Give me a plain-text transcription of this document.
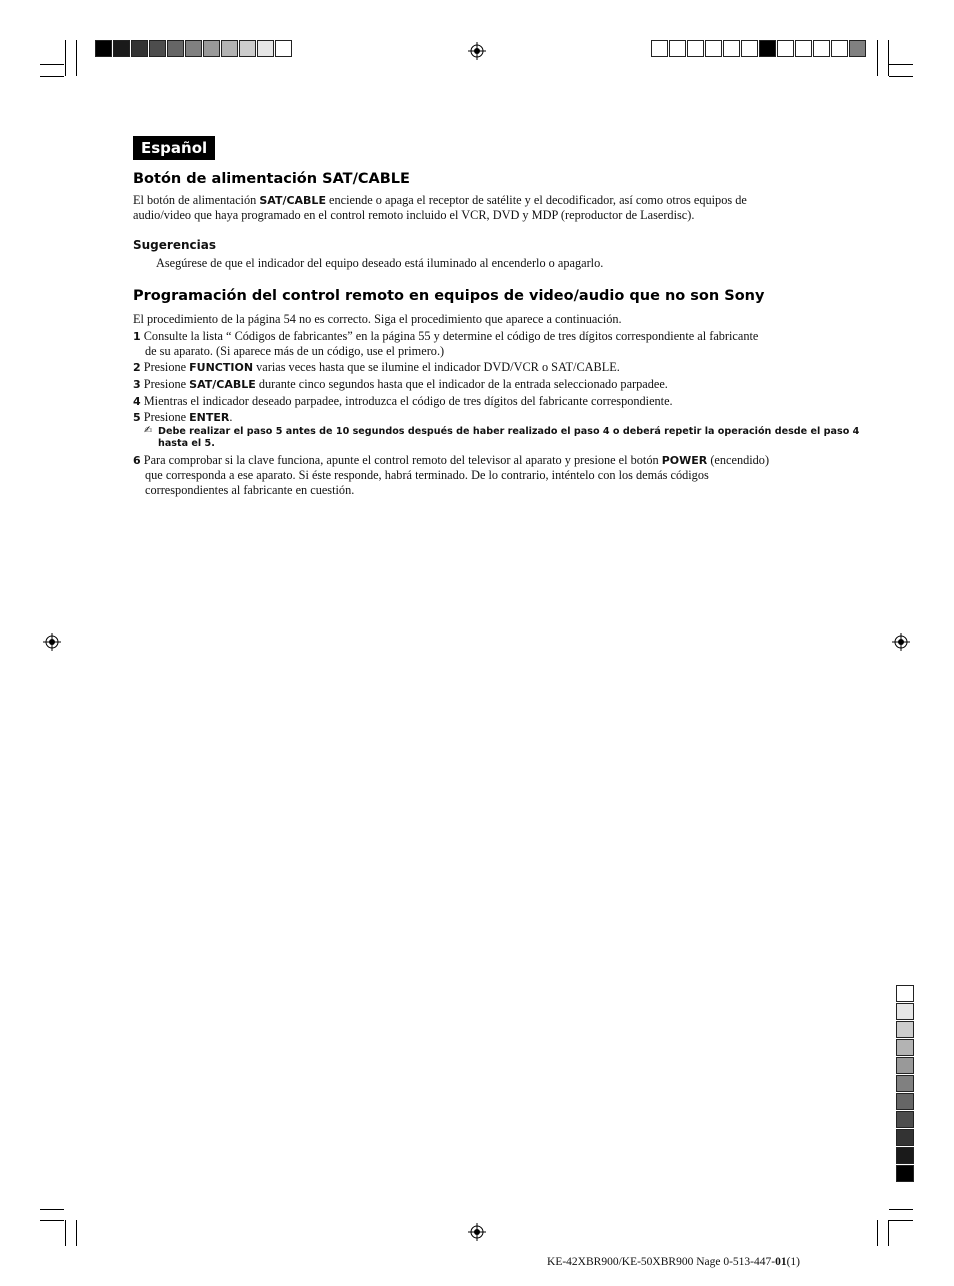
Español
Botón de alimentación SAT/CABLE
El botón de alimentación SAT/CABLE enciende o apaga el receptor de satélite y el decodificador, así como otros equipos de
audio/video que haya programado en el control remoto incluido el VCR, DVD y MDP (reproductor de Laserdisc).
Sugerencias
Asegúrese de que el indicador del equipo deseado está iluminado al encenderlo o apagarlo.
Programación del control remoto en equipos de video/audio que no son Sony
El procedimiento de la página 54 no es correcto. Siga el procedimiento que aparece a continuación.
1 Consulte la lista “ Códigos de fabricantes” en la página 55 y determine el código de tres dígitos correspondiente al fabricante
de su aparato. (Si aparece más de un código, use el primero.)
2 Presione FUNCTION varias veces hasta que se ilumine el indicador DVD/VCR o SAT/CABLE.
3 Presione SAT/CABLE durante cinco segundos hasta que el indicador de la entrada seleccionado parpadee.
4 Mientras el indicador deseado parpadee, introduzca el código de tres dígitos del fabricante correspondiente.
5 Presione ENTER.
✍ Debe realizar el paso 5 antes de 10 segundos después de haber realizado el paso 4 o deberá repetir la operación desde el paso 4
hasta el 5.
6 Para comprobar si la clave funciona, apunte el control remoto del televisor al aparato y presione el botón POWER (encendido)
que corresponda a ese aparato. Si éste responde, habrá terminado. De lo contrario, inténtelo con los demás códigos
correspondientes al fabricante en cuestión.
KE-42XBR900/KE-50XBR900 Nage 0-513-447-01(1)
